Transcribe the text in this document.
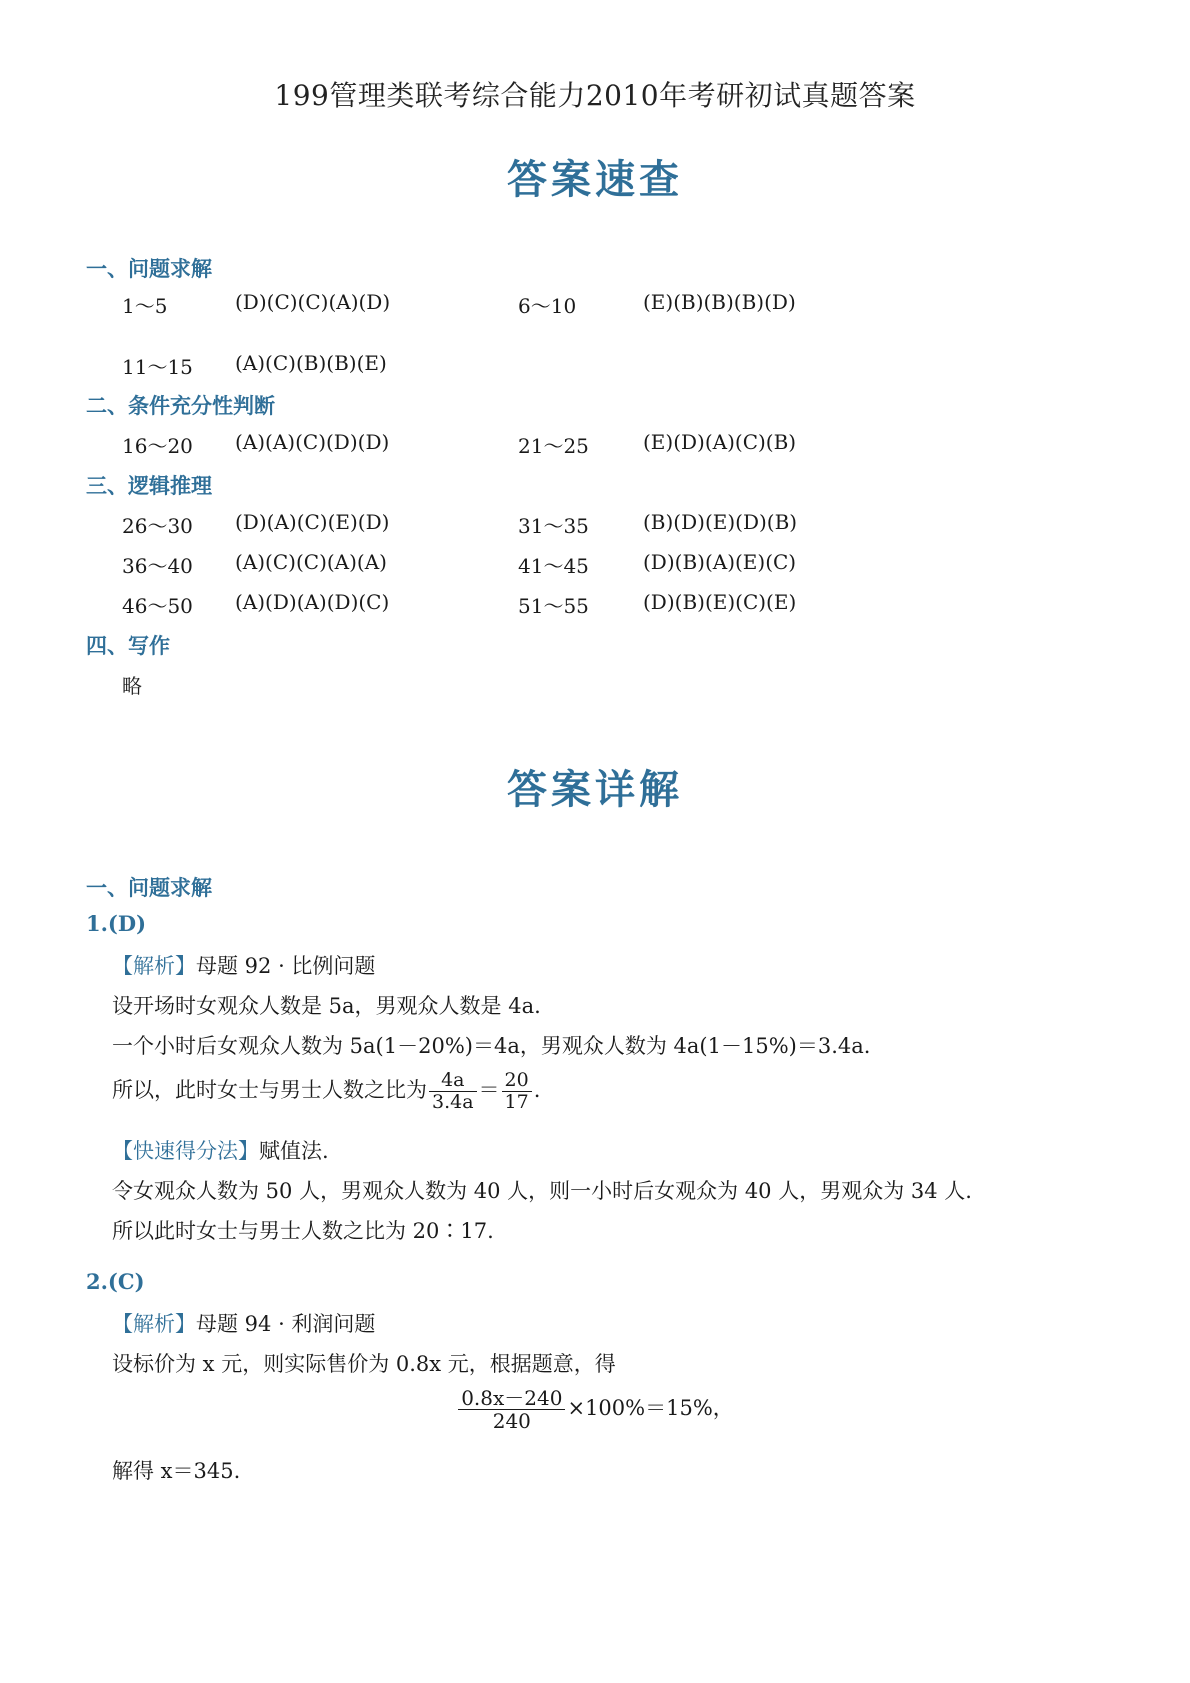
199管理类联考综合能力2010年考研初试真题答案
答案速查
一、问题求解
1～5	(D)(C)(C)(A)(D)	6～10	(E)(B)(B)(B)(D)
11～15 (A)(C)(B)(B)(E)
二、条件充分性判断
16～20 (A)(A)(C)(D)(D)	21～25	(E)(D)(A)(C)(B)
三、逻辑推理
26～30 (D)(A)(C)(E)(D)	31～35	(B)(D)(E)(D)(B)
36～40 (A)(C)(C)(A)(A)	41～45	(D)(B)(A)(E)(C)
46～50 (A)(D)(A)(D)(C)	51～55	(D)(B)(E)(C)(E)
四、写作
略
答案详解
一、问题求解
1.(D)
【解析】母题 92 · 比例问题
设开场时女观众人数是 5a，男观众人数是 4a.
一个小时后女观众人数为 5a(1－20%)＝4a，男观众人数为 4a(1－15%)＝3.4a.
所以，此时女士与男士人数之比为 $\frac{4a}{3.4a} = \frac{20}{17}$ .
【快速得分法】赋值法.
令女观众人数为 50 人，男观众人数为 40 人，则一小时后女观众为 40 人，男观众为 34 人.
所以此时女士与男士人数之比为 20∶17.
2.(C)
【解析】母题 94 · 利润问题
设标价为 x 元，则实际售价为 0.8x 元，根据题意，得
$\frac{0.8x-240}{240} \times 100\%=15\%$，
解得 x＝345.
